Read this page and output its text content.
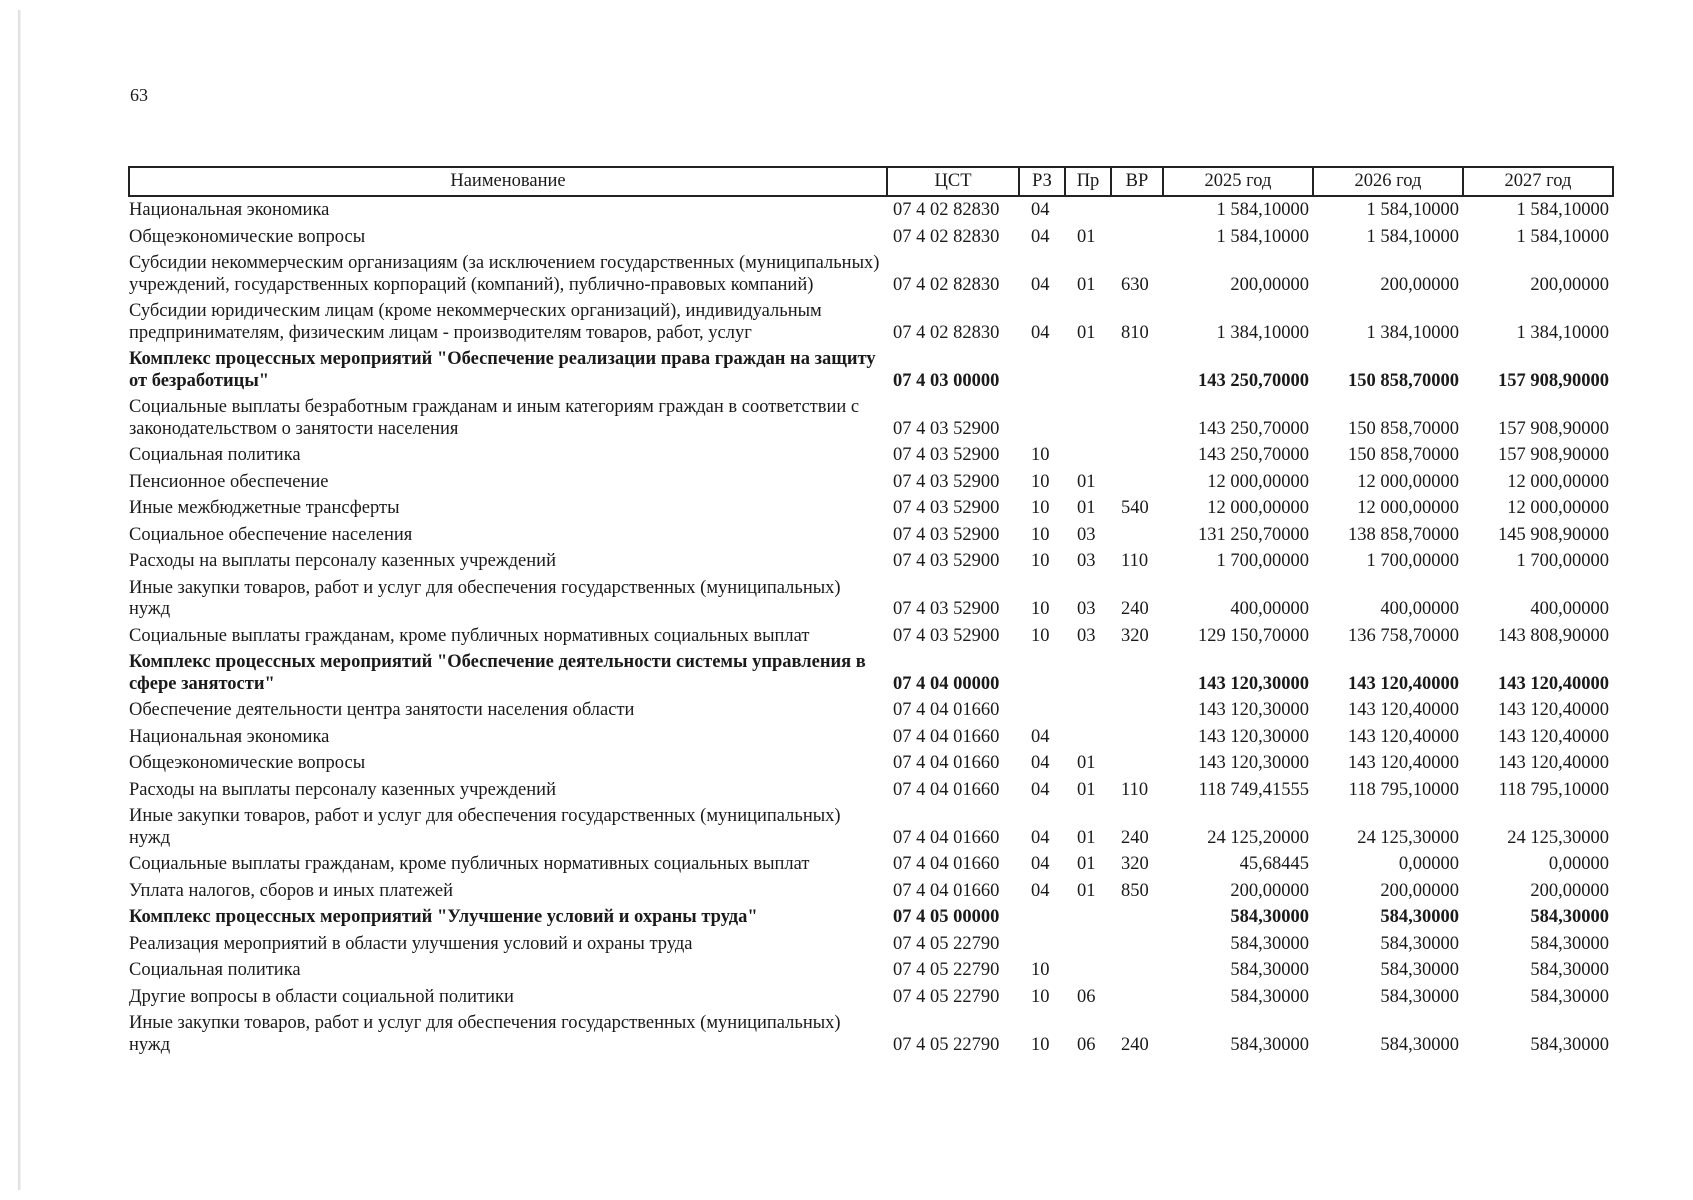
63
Наименование	ЦСТ	РЗ	Пр	ВР	2025 год	2026 год	2027 год
Национальная экономика	07 4 02 82830	04			1 584,10000	1 584,10000	1 584,10000
Общеэкономические вопросы	07 4 02 82830	04	01		1 584,10000	1 584,10000	1 584,10000
Субсидии некоммерческим организациям (за исключением государственных (муниципальных) учреждений, государственных корпораций (компаний), публично-правовых компаний)	07 4 02 82830	04	01	630	200,00000	200,00000	200,00000
Субсидии юридическим лицам (кроме некоммерческих организаций), индивидуальным предпринимателям, физическим лицам - производителям товаров, работ, услуг	07 4 02 82830	04	01	810	1 384,10000	1 384,10000	1 384,10000
Комплекс процессных мероприятий "Обеспечение реализации права граждан на защиту от безработицы"	07 4 03 00000				143 250,70000	150 858,70000	157 908,90000
Социальные выплаты безработным гражданам и иным категориям граждан в соответствии с законодательством о занятости населения	07 4 03 52900				143 250,70000	150 858,70000	157 908,90000
Социальная политика	07 4 03 52900	10			143 250,70000	150 858,70000	157 908,90000
Пенсионное обеспечение	07 4 03 52900	10	01		12 000,00000	12 000,00000	12 000,00000
Иные межбюджетные трансферты	07 4 03 52900	10	01	540	12 000,00000	12 000,00000	12 000,00000
Социальное обеспечение населения	07 4 03 52900	10	03		131 250,70000	138 858,70000	145 908,90000
Расходы на выплаты персоналу казенных учреждений	07 4 03 52900	10	03	110	1 700,00000	1 700,00000	1 700,00000
Иные закупки товаров, работ и услуг для обеспечения государственных (муниципальных) нужд	07 4 03 52900	10	03	240	400,00000	400,00000	400,00000
Социальные выплаты гражданам, кроме публичных нормативных социальных выплат	07 4 03 52900	10	03	320	129 150,70000	136 758,70000	143 808,90000
Комплекс процессных мероприятий "Обеспечение деятельности системы управления в сфере занятости"	07 4 04 00000				143 120,30000	143 120,40000	143 120,40000
Обеспечение деятельности центра занятости населения области	07 4 04 01660				143 120,30000	143 120,40000	143 120,40000
Национальная экономика	07 4 04 01660	04			143 120,30000	143 120,40000	143 120,40000
Общеэкономические вопросы	07 4 04 01660	04	01		143 120,30000	143 120,40000	143 120,40000
Расходы на выплаты персоналу казенных учреждений	07 4 04 01660	04	01	110	118 749,41555	118 795,10000	118 795,10000
Иные закупки товаров, работ и услуг для обеспечения государственных (муниципальных) нужд	07 4 04 01660	04	01	240	24 125,20000	24 125,30000	24 125,30000
Социальные выплаты гражданам, кроме публичных нормативных социальных выплат	07 4 04 01660	04	01	320	45,68445	0,00000	0,00000
Уплата налогов, сборов и иных платежей	07 4 04 01660	04	01	850	200,00000	200,00000	200,00000
Комплекс процессных мероприятий "Улучшение условий и охраны труда"	07 4 05 00000				584,30000	584,30000	584,30000
Реализация мероприятий в области улучшения условий и охраны труда	07 4 05 22790				584,30000	584,30000	584,30000
Социальная политика	07 4 05 22790	10			584,30000	584,30000	584,30000
Другие вопросы в области социальной политики	07 4 05 22790	10	06		584,30000	584,30000	584,30000
Иные закупки товаров, работ и услуг для обеспечения государственных (муниципальных) нужд	07 4 05 22790	10	06	240	584,30000	584,30000	584,30000
